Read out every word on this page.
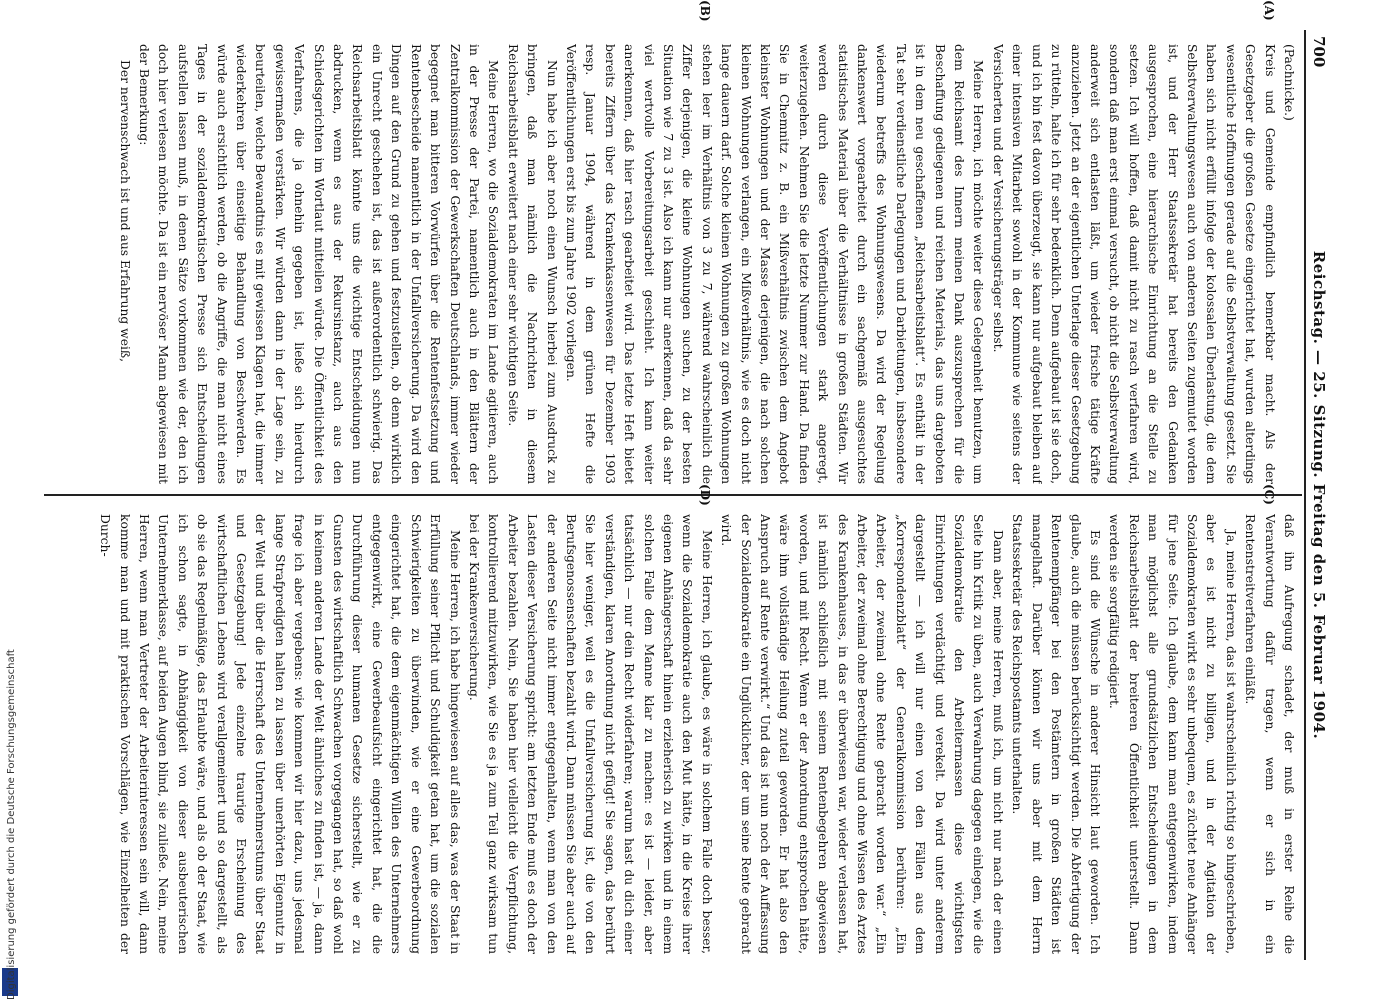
Digitalisierung gefördert durch die Deutsche Forschungsgemeinschaft
700
Reichstag. — 25. Sitzung. Freitag den 5. Februar 1904.
(A)
(B)
(C)
(D)

(Pachnicke.)

Kreis und Gemeinde empfindlich bemerkbar macht. Als der Gesetzgeber die großen Gesetze eingerichtet hat, wurden alterdings wesentliche Hoffnungen gerade auf die Selbstverwaltung gesetzt. Sie haben sich nicht erfüllt infolge der kolossalen Überlastung, die dem Selbstverwaltungswesen auch von anderen Seiten zugemutet worden ist, und der Herr Staatssekretär hat bereits den Gedanken ausgesprochen, eine hierarchische Einrichtung an die Stelle zu setzen. Ich will hoffen, daß damit nicht zu rasch verfahren wird, sondern daß man erst einmal versucht, ob nicht die Selbstverwaltung anderweit sich entlasten läßt, um wieder frische tätige Kräfte anzuziehen. Jetzt an der eigentlichen Unterlage dieser Gesetzgebung zu rütteln, halte ich für sehr bedenklich. Denn aufgebaut ist sie doch, und ich bin fest davon überzeugt, sie kann nur aufgebaut bleiben auf einer intensiven Mitarbeit sowohl in der Kommune wie seitens der Versicherten und der Versicherungsträger selbst.

Meine Herren, ich möchte weiter diese Gelegenheit benutzen, um dem Reichsamt des Innern meinen Dank auszusprechen für die Beschaffung gediegenen und reichen Materials, das uns dargeboten ist in dem neu geschaffenen „Reichsarbeitsblatt“. Es enthält in der Tat sehr verdienstliche Darlegungen und Darbietungen, insbesondere wiederum betreffs des Wohnungswesens. Da wird der Regelung dankenswert vorgearbeitet durch ein sachgemäß ausgesuchtes statistisches Material über die Verhältnisse in großen Städten. Wir werden durch diese Veröffentlichungen stark angeregt, weiterzugehen. Nehmen Sie die letzte Nummer zur Hand. Da finden Sie in Chemnitz z. B. ein Mißverhältnis zwischen dem Angebot kleinster Wohnungen und der Masse derjenigen, die nach solchen kleinen Wohnungen verlangen, ein Mißverhältnis, wie es doch nicht lange dauern darf. Solche kleinen Wohnungen zu großen Wohnungen stehen leer im Verhältnis von 3 zu 7, während wahrscheinlich die Ziffer derjenigen, die kleine Wohnungen suchen, zu der besten Situation wie 7 zu 3 ist. Also ich kann nur anerkennen, daß da sehr viel wertvolle Vorbereitungsarbeit geschieht. Ich kann weiter anerkennen, daß hier rasch gearbeitet wird. Das letzte Heft bietet bereits Ziffern über das Krankenkassenwesen für Dezember 1903 resp. Januar 1904, während in dem grünen Hefte die Veröffentlichungen erst bis zum Jahre 1902 vorliegen.

Nun habe ich aber noch einen Wunsch hierbei zum Ausdruck zu bringen, daß man nämlich die Nachrichten in diesem Reichsarbeitsblatt erweitert nach einer sehr wichtigen Seite.

Meine Herren, wo die Sozialdemokraten im Lande agitieren, auch in der Presse der Partei, namentlich auch in den Blättern der Zentralkommission der Gewerkschaften Deutschlands, immer wieder begegnet man bitteren Vorwürfen über die Rentenfestsetzung und Rentenbescheide namentlich in der Unfallversicherung. Da wird den Dingen auf den Grund zu gehen und festzustellen, ob denn wirklich ein Unrecht geschehen ist, das ist außerordentlich schwierig. Das Reichsarbeitsblatt könnte uns die wichtige Entscheidungen nun abdrucken, wenn es aus der Rekursinstanz, auch aus den Schiedsgerichten im Wortlaut mitteilen würde. Die Öffentlichkeit des Verfahrens, die ja ohnehin gegeben ist, ließe sich hierdurch gewissermaßen verstärken. Wir würden dann in der Lage sein, zu beurteilen, welche Bewandtnis es mit gewissen Klagen hat, die immer wiederkehren über einseitige Behandlung von Beschwerden. Es würde auch ersichtlich werden, ob die Angriffe, die man nicht eines Tages in der sozialdemokratischen Presse sich Entscheidungen aufstellen lassen muß, in denen Sätze vorkommen wie der, den ich doch hier verlesen möchte. Da ist ein nervöser Mann abgewiesen mit der Bemerkung:

Der nervenschwach ist und aus Erfahrung weiß,

daß ihn Aufregung schadet, der muß in erster Reihe die Verantwortung dafür tragen, wenn er sich in ein Rentenstreitverfahren einläßt.

Ja, meine Herren, das ist wahrscheinlich richtig so hingeschrieben, aber es ist nicht zu billigen, und in der Agitation der Sozialdemokraten wirkt es sehr unbequem, es züchtet neue Anhänger für jene Seite. Ich glaube, dem kann man entgegenwirken, indem man möglichst alle grundsätzlichen Entscheidungen in dem Reichsarbeitsblatt der breiteren Öffentlichkeit unterstellt. Dann werden sie sorgfältig redigiert.

Es sind die Wünsche in anderer Hinsicht laut geworden. Ich glaube, auch die müssen berücksichtigt werden. Die Abfertigung der Rentenempfänger bei den Postämtern in großen Städten ist mangelhaft. Darüber können wir uns aber mit dem Herrn Staatssekretär des Reichspostamts unterhalten.

Dann aber, meine Herren, muß ich, um nicht nur nach der einen Seite hin Kritik zu üben, auch Verwahrung dagegen einlegen, wie die Sozialdemokratie den Arbeitermassen diese wichtigsten Einrichtungen verdächtigt und verekelt. Da wird unter anderem dargestellt — ich will nur einen von den Fällen aus dem „Korrespondenzblatt“ der Generalkommission berühren: „Ein Arbeiter, der zweimal ohne Rente gebracht worden war.“ „Ein Arbeiter, der zweimal ohne Berechtigung und ohne Wissen des Arztes des Krankenhauses, in das er überwiesen war, wieder verlassen hat, ist nämlich schließlich mit seinem Rentenbegehren abgewiesen worden, und mit Recht. Wenn er der Anordnung entsprochen hätte, wäre ihm vollständige Heilung zuteil geworden. Er hat also den Anspruch auf Rente verwirkt.“ Und das ist nun noch der Auffassung der Sozialdemokratie ein Unglücklicher, der um seine Rente gebracht wird.

Meine Herren, ich glaube, es wäre in solchem Falle doch besser, wenn die Sozialdemokratie auch den Mut hätte, in die Kreise ihrer eigenen Anhängerschaft hinein erzieherisch zu wirken und in einem solchen Falle dem Manne klar zu machen: es ist — leider, aber tatsächlich — nur dein Recht widerfahren; warum hast du dich einer verständigen, klaren Anordnung nicht gefügt! Sie sagen, das berührt Sie hier weniger, weil es die Unfallversicherung ist, die von den Berufsgenossenschaften bezahlt wird. Dann müssen Sie aber auch auf der anderen Seite nicht immer entgegenhalten, wenn man von den Lasten dieser Versicherung spricht: am letzten Ende muß es doch der Arbeiter bezahlen. Nein, Sie haben hier vielleicht die Verpflichtung, kontrollierend mitzuwirken, wie Sie es ja zum Teil ganz wirksam tun bei der Krankenversicherung.

Meine Herren, ich habe hingewiesen auf alles das, was der Staat in Erfüllung seiner Pflicht und Schuldigkeit getan hat, um die sozialen Schwierigkeiten zu überwinden, wie er eine Gewerbeordnung eingerichtet hat, die dem eigenmächtigen Willen des Unternehmers entgegenwirkt, eine Gewerbeaufsicht eingerichtet hat, die die Durchführung dieser humanen Gesetze sicherstellt, wie er zu Gunsten des wirtschaftlich Schwachen vorgegangen hat, so daß wohl in keinem anderen Lande der Welt ähnliches zu finden ist, — ja, dann frage ich aber vergebens: wie kommen wir hier dazu, uns jedesmal lange Strafpredigten halten zu lassen über unerhörten Eigennutz in der Welt und über die Herrschaft des Unternehmerstums über Staat und Gesetzgebung! Jede einzelne traurige Erscheinung des wirtschaftlichen Lebens wird verallgemeinert und so dargestellt, als ob sie das Regelmäßige, das Erlaubte wäre, und als ob der Staat, wie ich schon sagte, in Abhängigkeit von dieser ausbeuterischen Unternehmerklasse, auf beiden Augen blind, sie zuließe. Nein, meine Herren, wenn man Vertreter der Arbeiterinteressen sein will, dann komme man und mit praktischen Vorschlägen, wie Einzelheiten der Durch-
